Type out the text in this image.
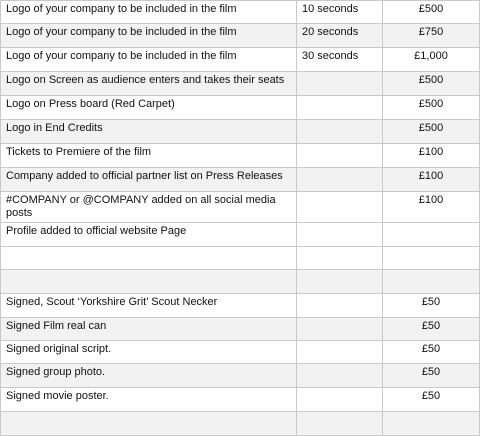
Logo of your company to be included in the film	10 seconds	£500
Logo of your company to be included in the film	20 seconds	£750
Logo of your company to be included in the film	30 seconds	£1,000
Logo on Screen as audience enters and takes their seats		£500
Logo on Press board (Red Carpet)		£500
Logo in End Credits		£500
Tickets to Premiere of the film		£100
Company added to official partner list on Press Releases		£100
#COMPANY or @COMPANY added on all social media posts		£100
Profile added to official website Page		

Signed, Scout ‘Yorkshire Grit’ Scout Necker		£50
Signed Film real can		£50
Signed original script.		£50
Signed group photo.		£50
Signed movie poster.		£50
